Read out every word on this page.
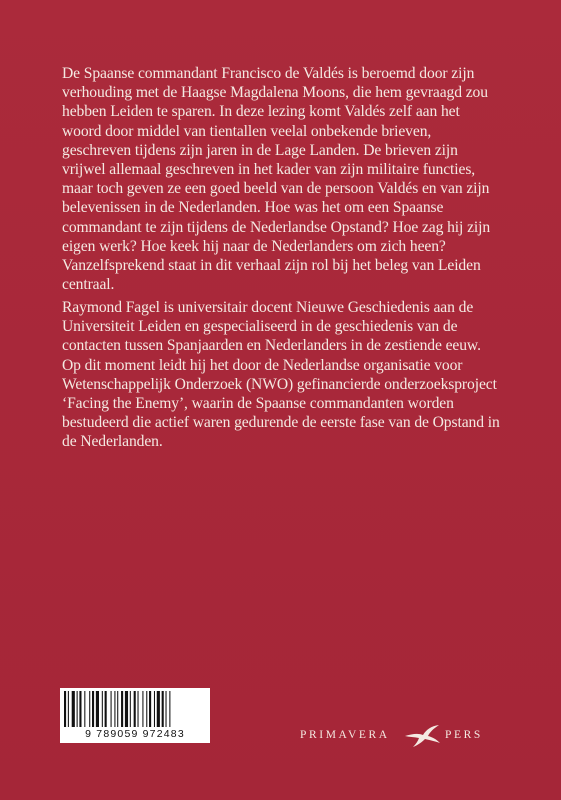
De Spaanse commandant Francisco de Valdés is beroemd door zijn verhouding met de Haagse Magdalena Moons, die hem gevraagd zou hebben Leiden te sparen. In deze lezing komt Valdés zelf aan het woord door middel van tientallen veelal onbekende brieven, geschreven tijdens zijn jaren in de Lage Landen. De brieven zijn vrijwel allemaal geschreven in het kader van zijn militaire functies, maar toch geven ze een goed beeld van de persoon Valdés en van zijn belevenissen in de Nederlanden. Hoe was het om een Spaanse commandant te zijn tijdens de Nederlandse Opstand? Hoe zag hij zijn eigen werk? Hoe keek hij naar de Nederlanders om zich heen? Vanzelfsprekend staat in dit verhaal zijn rol bij het beleg van Leiden centraal.

Raymond Fagel is universitair docent Nieuwe Geschiedenis aan de Universiteit Leiden en gespecialiseerd in de geschiedenis van de contacten tussen Spanjaarden en Nederlanders in de zestiende eeuw. Op dit moment leidt hij het door de Nederlandse organisatie voor Wetenschappelijk Onderzoek (NWO) gefinancierde onderzoeksproject ‘Facing the Enemy’, waarin de Spaanse commandanten worden bestudeerd die actief waren gedurende de eerste fase van de Opstand in de Nederlanden.

9 789059 972483	PRIMAVERA	PERS
